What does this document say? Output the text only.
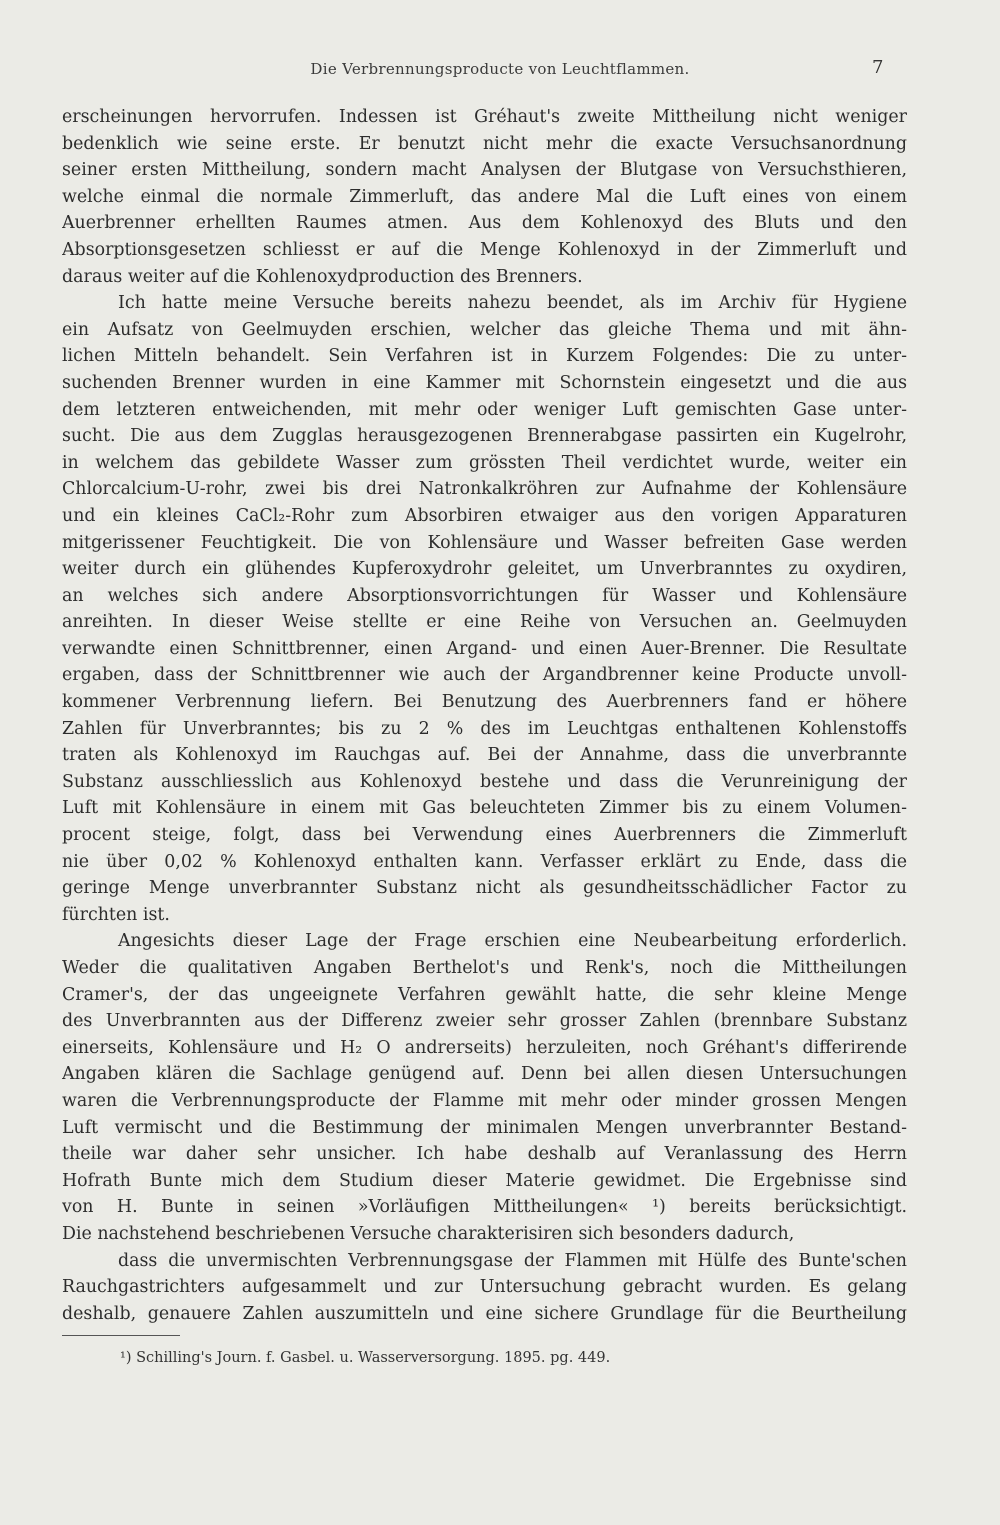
Die Verbrennungsproducte von Leuchtflammen.	7
erscheinungen hervorrufen. Indessen ist Gréhaut's zweite Mittheilung nicht weniger
bedenklich wie seine erste. Er benutzt nicht mehr die exacte Versuchsanordnung
seiner ersten Mittheilung, sondern macht Analysen der Blutgase von Versuchsthieren,
welche einmal die normale Zimmerluft, das andere Mal die Luft eines von einem
Auerbrenner erhellten Raumes atmen. Aus dem Kohlenoxyd des Bluts und den
Absorptionsgesetzen schliesst er auf die Menge Kohlenoxyd in der Zimmerluft und
daraus weiter auf die Kohlenoxydproduction des Brenners.
Ich hatte meine Versuche bereits nahezu beendet, als im Archiv für Hygiene
ein Aufsatz von Geelmuyden erschien, welcher das gleiche Thema und mit ähn-
lichen Mitteln behandelt. Sein Verfahren ist in Kurzem Folgendes: Die zu unter-
suchenden Brenner wurden in eine Kammer mit Schornstein eingesetzt und die aus
dem letzteren entweichenden, mit mehr oder weniger Luft gemischten Gase unter-
sucht. Die aus dem Zugglas herausgezogenen Brennerabgase passirten ein Kugelrohr,
in welchem das gebildete Wasser zum grössten Theil verdichtet wurde, weiter ein
Chlorcalcium-U-rohr, zwei bis drei Natronkalkröhren zur Aufnahme der Kohlensäure
und ein kleines CaCl₂-Rohr zum Absorbiren etwaiger aus den vorigen Apparaturen
mitgerissener Feuchtigkeit. Die von Kohlensäure und Wasser befreiten Gase werden
weiter durch ein glühendes Kupferoxydrohr geleitet, um Unverbranntes zu oxydiren,
an welches sich andere Absorptionsvorrichtungen für Wasser und Kohlensäure
anreihten. In dieser Weise stellte er eine Reihe von Versuchen an. Geelmuyden
verwandte einen Schnittbrenner, einen Argand- und einen Auer-Brenner. Die Resultate
ergaben, dass der Schnittbrenner wie auch der Argandbrenner keine Producte unvoll-
kommener Verbrennung liefern. Bei Benutzung des Auerbrenners fand er höhere
Zahlen für Unverbranntes; bis zu 2 % des im Leuchtgas enthaltenen Kohlenstoffs
traten als Kohlenoxyd im Rauchgas auf. Bei der Annahme, dass die unverbrannte
Substanz ausschliesslich aus Kohlenoxyd bestehe und dass die Verunreinigung der
Luft mit Kohlensäure in einem mit Gas beleuchteten Zimmer bis zu einem Volumen-
procent steige, folgt, dass bei Verwendung eines Auerbrenners die Zimmerluft
nie über 0,02 % Kohlenoxyd enthalten kann. Verfasser erklärt zu Ende, dass die
geringe Menge unverbrannter Substanz nicht als gesundheitsschädlicher Factor zu
fürchten ist.
Angesichts dieser Lage der Frage erschien eine Neubearbeitung erforderlich.
Weder die qualitativen Angaben Berthelot's und Renk's, noch die Mittheilungen
Cramer's, der das ungeeignete Verfahren gewählt hatte, die sehr kleine Menge
des Unverbrannten aus der Differenz zweier sehr grosser Zahlen (brennbare Substanz
einerseits, Kohlensäure und H₂ O andrerseits) herzuleiten, noch Gréhant's differirende
Angaben klären die Sachlage genügend auf. Denn bei allen diesen Untersuchungen
waren die Verbrennungsproducte der Flamme mit mehr oder minder grossen Mengen
Luft vermischt und die Bestimmung der minimalen Mengen unverbrannter Bestand-
theile war daher sehr unsicher. Ich habe deshalb auf Veranlassung des Herrn
Hofrath Bunte mich dem Studium dieser Materie gewidmet. Die Ergebnisse sind
von H. Bunte in seinen »Vorläufigen Mittheilungen« ¹) bereits berücksichtigt.
Die nachstehend beschriebenen Versuche charakterisiren sich besonders dadurch,
dass die unvermischten Verbrennungsgase der Flammen mit Hülfe des Bunte'schen
Rauchgastrichters aufgesammelt und zur Untersuchung gebracht wurden. Es gelang
deshalb, genauere Zahlen auszumitteln und eine sichere Grundlage für die Beurtheilung
¹) Schilling's Journ. f. Gasbel. u. Wasserversorgung. 1895. pg. 449.
